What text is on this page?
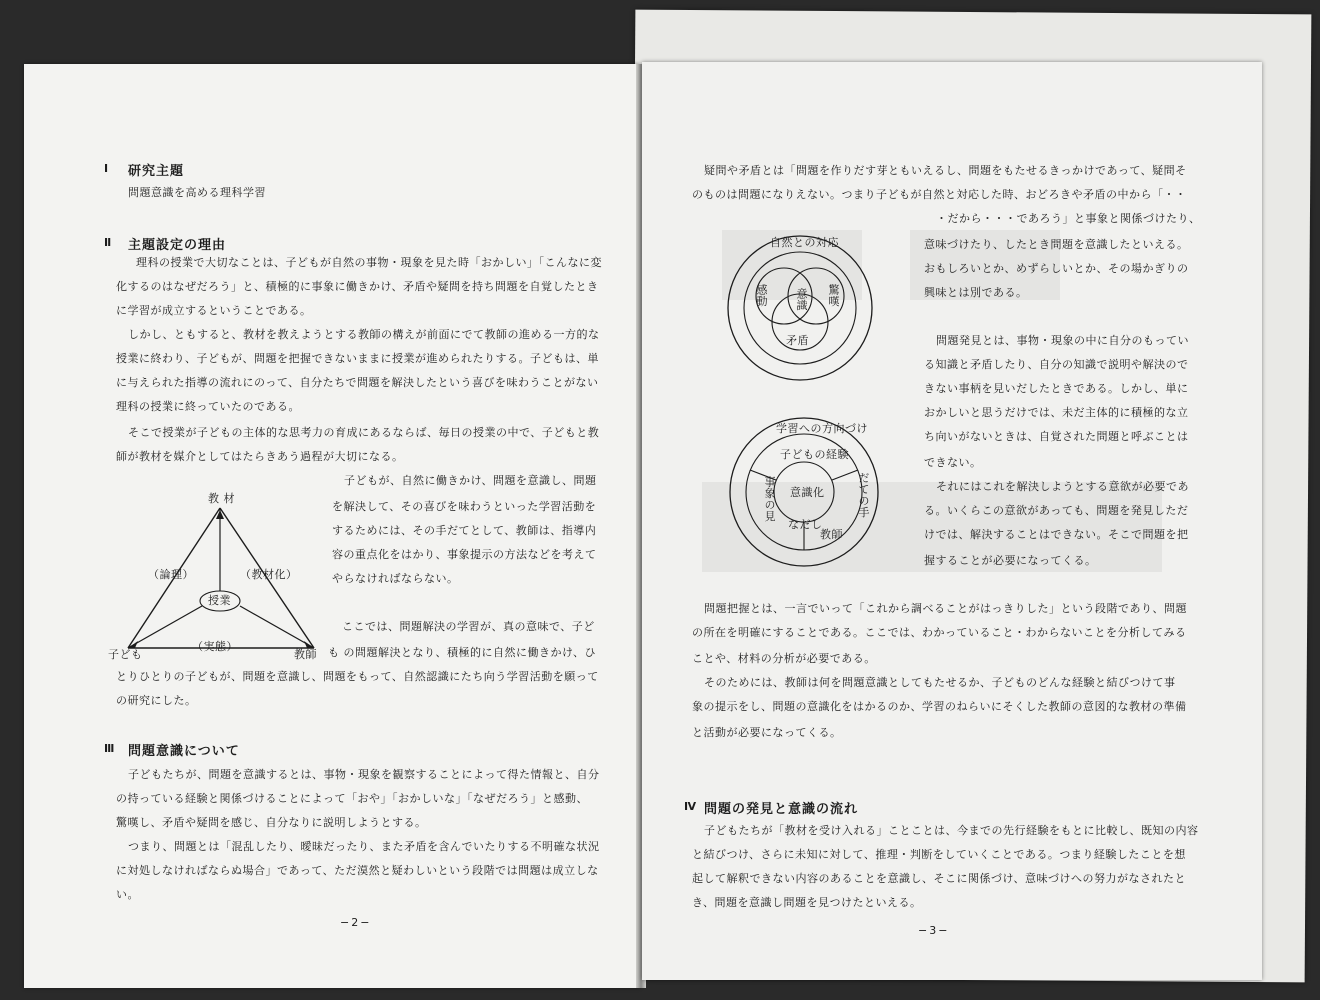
Ⅰ 研究主題
問題意識を高める理科学習
Ⅱ 主題設定の理由
理科の授業で大切なことは、子どもが自然の事物・現象を見た時「おかしい」「こんなに変
化するのはなぜだろう」と、積極的に事象に働きかけ、矛盾や疑問を持ち問題を自覚したとき
に学習が成立するということである。
しかし、ともすると、教材を教えようとする教師の構えが前面にでて教師の進める一方的な
授業に終わり、子どもが、問題を把握できないままに授業が進められたりする。子どもは、単
に与えられた指導の流れにのって、自分たちで問題を解決したという喜びを味わうことがない
理科の授業に終っていたのである。
そこで授業が子どもの主体的な思考力の育成にあるならば、毎日の授業の中で、子どもと教
師が教材を媒介としてはたらきあう過程が大切になる。
子どもが、自然に働きかけ、問題を意識し、問題
を解決して、その喜びを味わうといった学習活動を
するためには、その手だてとして、教師は、指導内
容の重点化をはかり、事象提示の方法などを考えて
やらなければならない。
教 材
子ども	教師
授業
（論理）	（教材化）
（実態）
ここでは、問題解決の学習が、真の意味で、子ど
も の問題解決となり、積極的に自然に働きかけ、ひ
とりひとりの子どもが、問題を意識し、問題をもって、自然認識にたち向う学習活動を願って
の研究にした。
Ⅲ 問題意識について
子どもたちが、問題を意識するとは、事物・現象を観察することによって得た情報と、自分
の持っている経験と関係づけることによって「おや」「おかしいな」「なぜだろう」と感動、
驚嘆し、矛盾や疑問を感じ、自分なりに説明しようとする。
つまり、問題とは「混乱したり、曖昧だったり、また矛盾を含んでいたりする不明確な状況
に対処しなければならぬ場合」であって、ただ漠然と疑わしいという段階では問題は成立しな
い。
−2−
疑問や矛盾とは「問題を作りだす芽ともいえるし、問題をもたせるきっかけであって、疑問そ
のものは問題になりえない。つまり子どもが自然と対応した時、おどろきや矛盾の中から「・・
・だから・・・であろう」と事象と関係づけたり、
意味づけたり、したとき問題を意識したといえる。
おもしろいとか、めずらしいとか、その場かぎりの
興味とは別である。
自然との対応
感動	驚嘆
意識
矛盾	問題発見とは、事物・現象の中に自分のもってい
る知識と矛盾したり、自分の知識で説明や解決ので
きない事柄を見いだしたときである。しかし、単に
おかしいと思うだけでは、未だ主体的に積極的な立
ち向いがないときは、自覚された問題と呼ぶことは
できない。
それにはこれを解決しようとする意欲が必要であ
る。いくらこの意欲があっても、問題を発見しただ
けでは、解決することはできない。そこで問題を把
握することが必要になってくる。
学習への方向づけ
子どもの経験
だての手
事象の見
なだし
意識化
教師
問題把握とは、一言でいって「これから調べることがはっきりした」という段階であり、問題
の所在を明確にすることである。ここでは、わかっていること・わからないことを分析してみる
ことや、材料の分析が必要である。
そのためには、教師は何を問題意識としてもたせるか、子どものどんな経験と結びつけて事
象の提示をし、問題の意識化をはかるのか、学習のねらいにそくした教師の意図的な教材の準備
と活動が必要になってくる。
Ⅳ 問題の発見と意識の流れ
子どもたちが「教材を受け入れる」ことことは、今までの先行経験をもとに比較し、既知の内容
と結びつけ、さらに未知に対して、推理・判断をしていくことである。つまり経験したことを想
起して解釈できない内容のあることを意識し、そこに関係づけ、意味づけへの努力がなされたと
き、問題を意識し問題を見つけたといえる。
−3−
